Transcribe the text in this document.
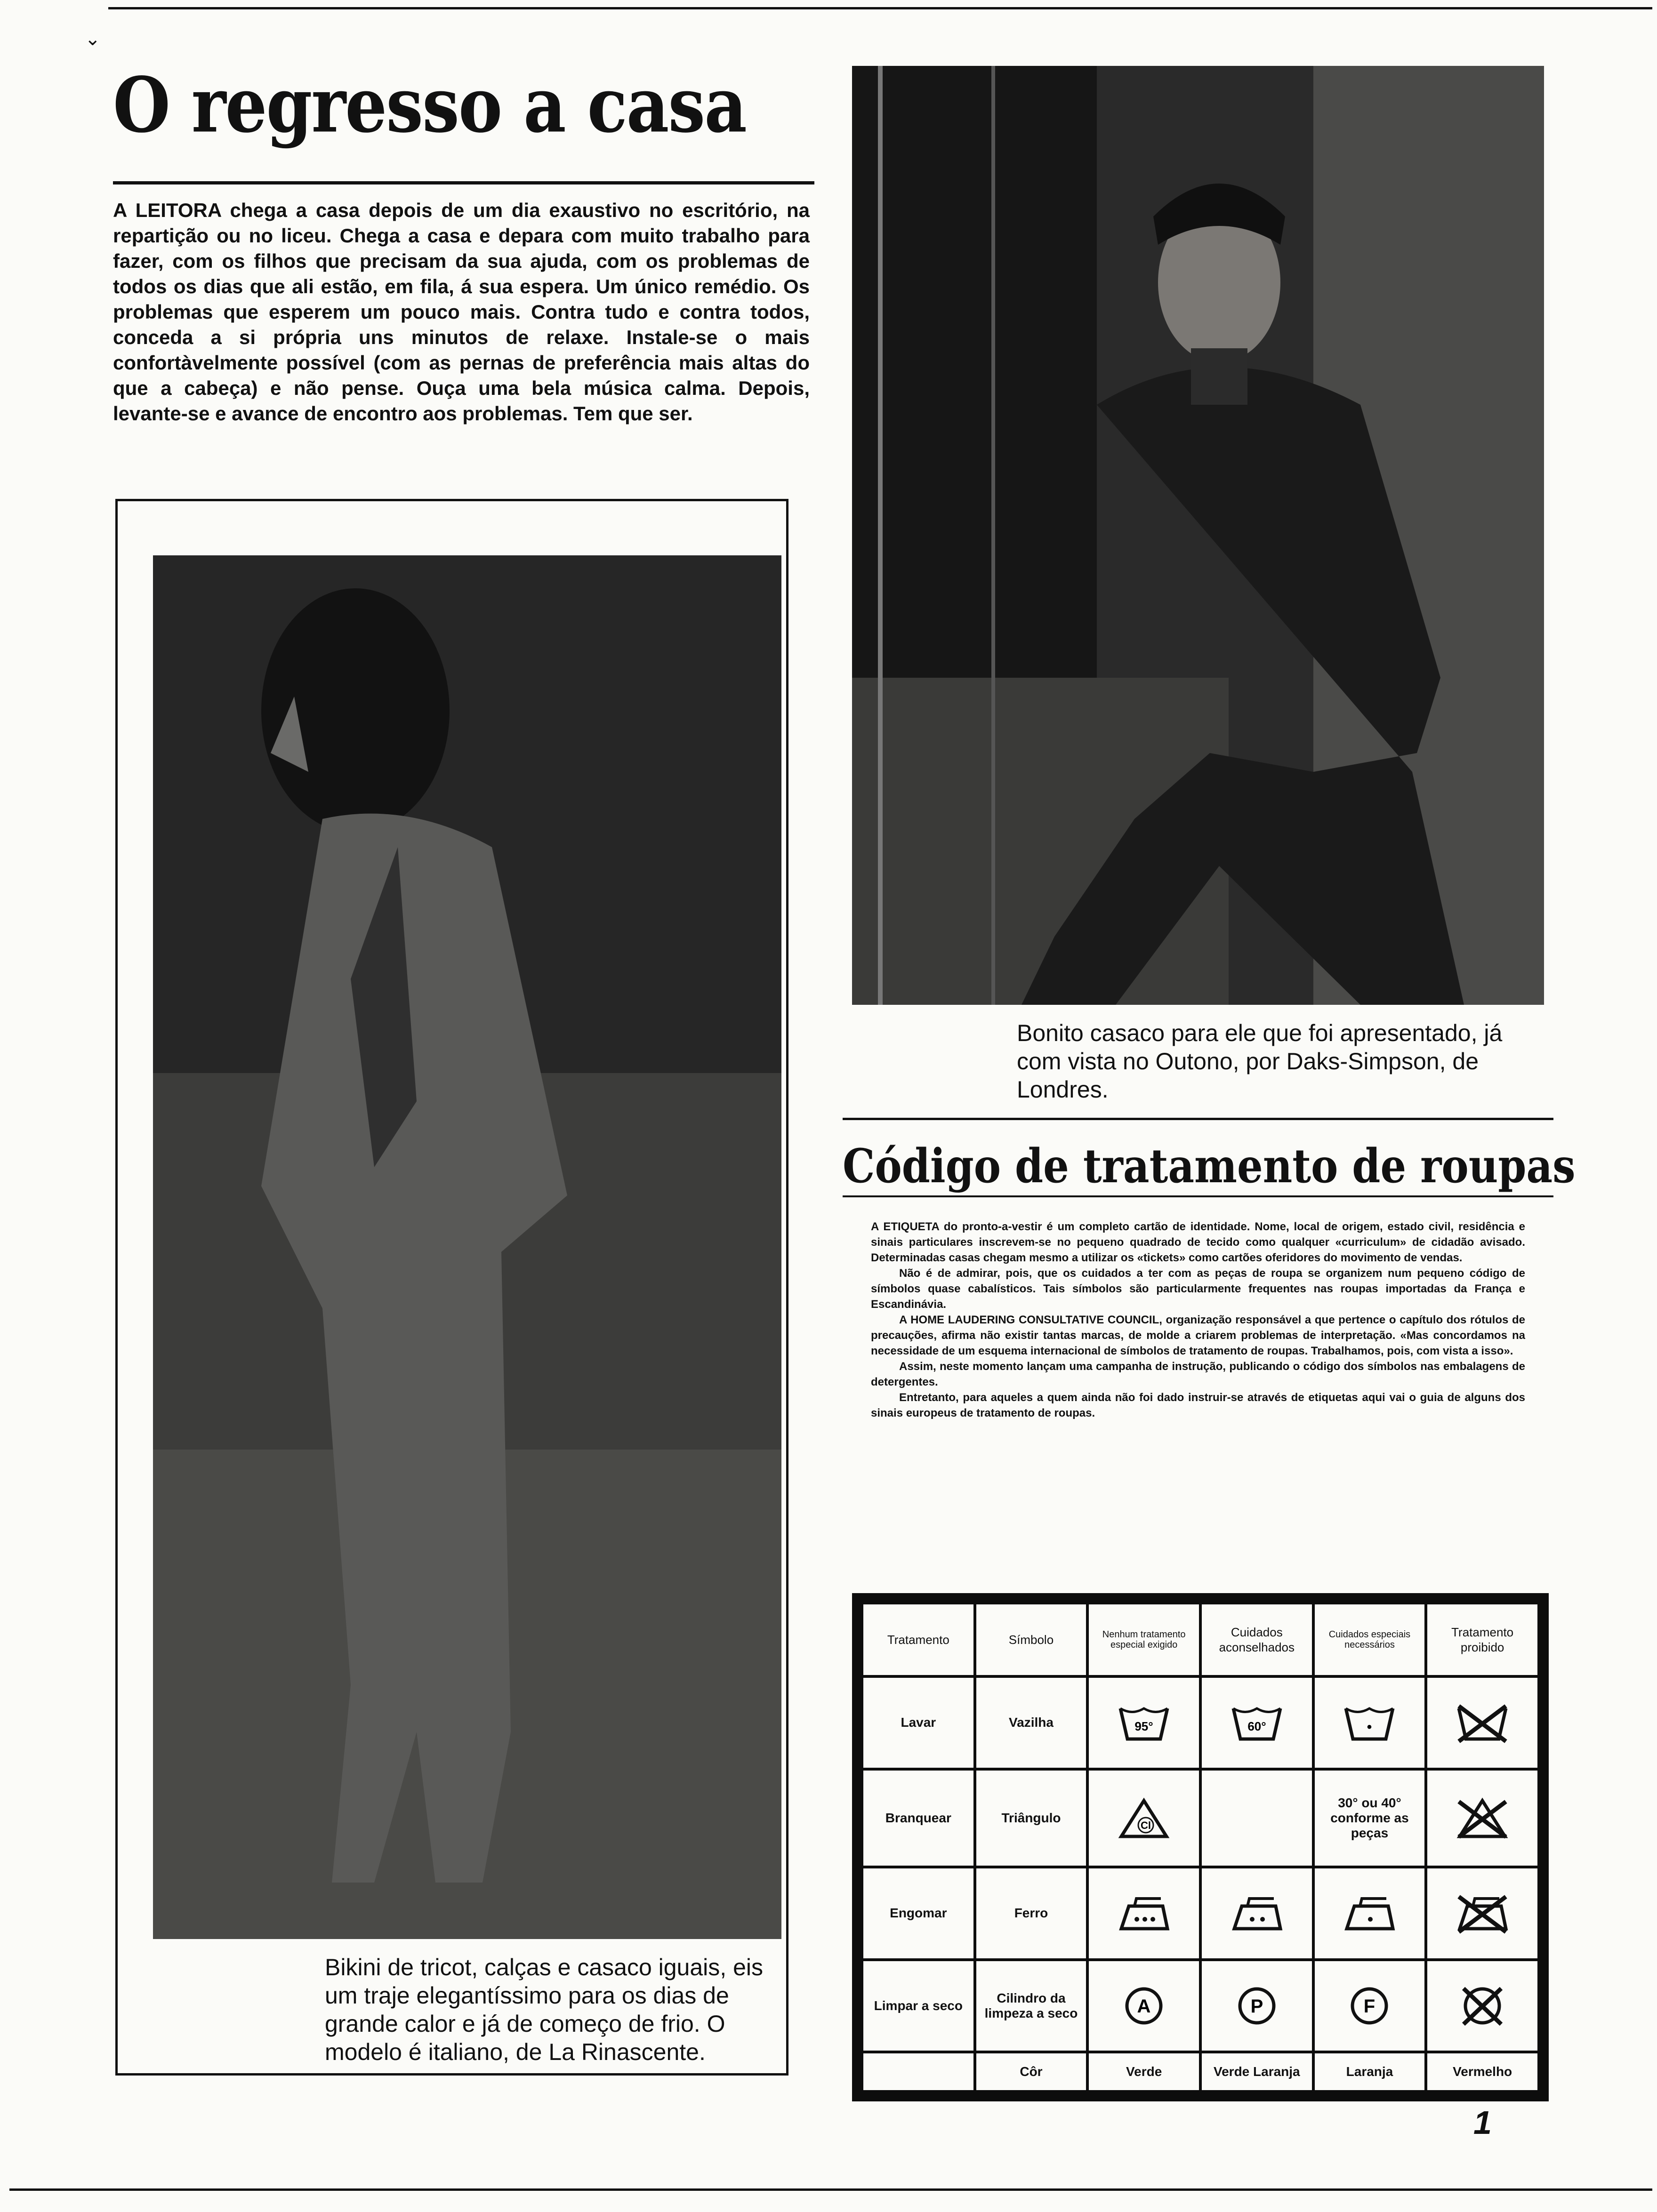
⌄
O regresso a casa
A LEITORA chega a casa depois de um dia exaustivo no escritório, na repartição ou no liceu. Chega a casa e depara com muito trabalho para fazer, com os filhos que precisam da sua ajuda, com os problemas de todos os dias que ali estão, em fila, á sua espera. Um único remédio. Os problemas que esperem um pouco mais. Contra tudo e contra todos, conceda a si própria uns minutos de relaxe. Instale-se o mais confortàvelmente possível (com as pernas de preferência mais altas do que a cabeça) e não pense. Ouça uma bela música calma. Depois, levante-se e avance de encontro aos problemas. Tem que ser.
Bonito casaco para ele que foi apresentado, já com vista no Outono, por Daks-Simpson, de Londres.
Código de tratamento de roupas

A ETIQUETA do pronto-a-vestir é um completo cartão de identidade. Nome, local de origem, estado civil, residência e sinais particulares inscrevem-se no pequeno quadrado de tecido como qualquer «curriculum» de cidadão avisado. Determinadas casas chegam mesmo a utilizar os «tickets» como cartões oferidores do movimento de vendas.

Não é de admirar, pois, que os cuidados a ter com as peças de roupa se organizem num pequeno código de símbolos quase cabalísticos. Tais símbolos são particularmente frequentes nas roupas importadas da França e Escandinávia.

A HOME LAUDERING CONSULTATIVE COUNCIL, organização responsável a que pertence o capítulo dos rótulos de precauções, afirma não existir tantas marcas, de molde a criarem problemas de interpretação. «Mas concordamos na necessidade de um esquema internacional de símbolos de tratamento de roupas. Trabalhamos, pois, com vista a isso».

Assim, neste momento lançam uma campanha de instrução, publicando o código dos símbolos nas embalagens de detergentes.

Entretanto, para aqueles a quem ainda não foi dado instruir-se através de etiquetas aqui vai o guia de alguns dos sinais europeus de tratamento de roupas.

Tratamento	Símbolo	Nenhum tratamento especial exigido	Cuidados aconselhados	Cuidados especiais necessários	Tratamento proibido
Lavar	Vazilha	95°	60°	•

Branquear	Triângulo	Cl		30° ou 40° conforme as peças	

Engomar	Ferro	

Limpar a seco	Cilindro da limpeza a seco	A	P	F

	Côr	Verde	Verde Laranja	Laranja	Vermelho
Bikini de tricot, calças e casaco iguais, eis um traje elegantíssimo para os dias de grande calor e já de começo de frio. O modelo é italiano, de La Rinascente.
1
